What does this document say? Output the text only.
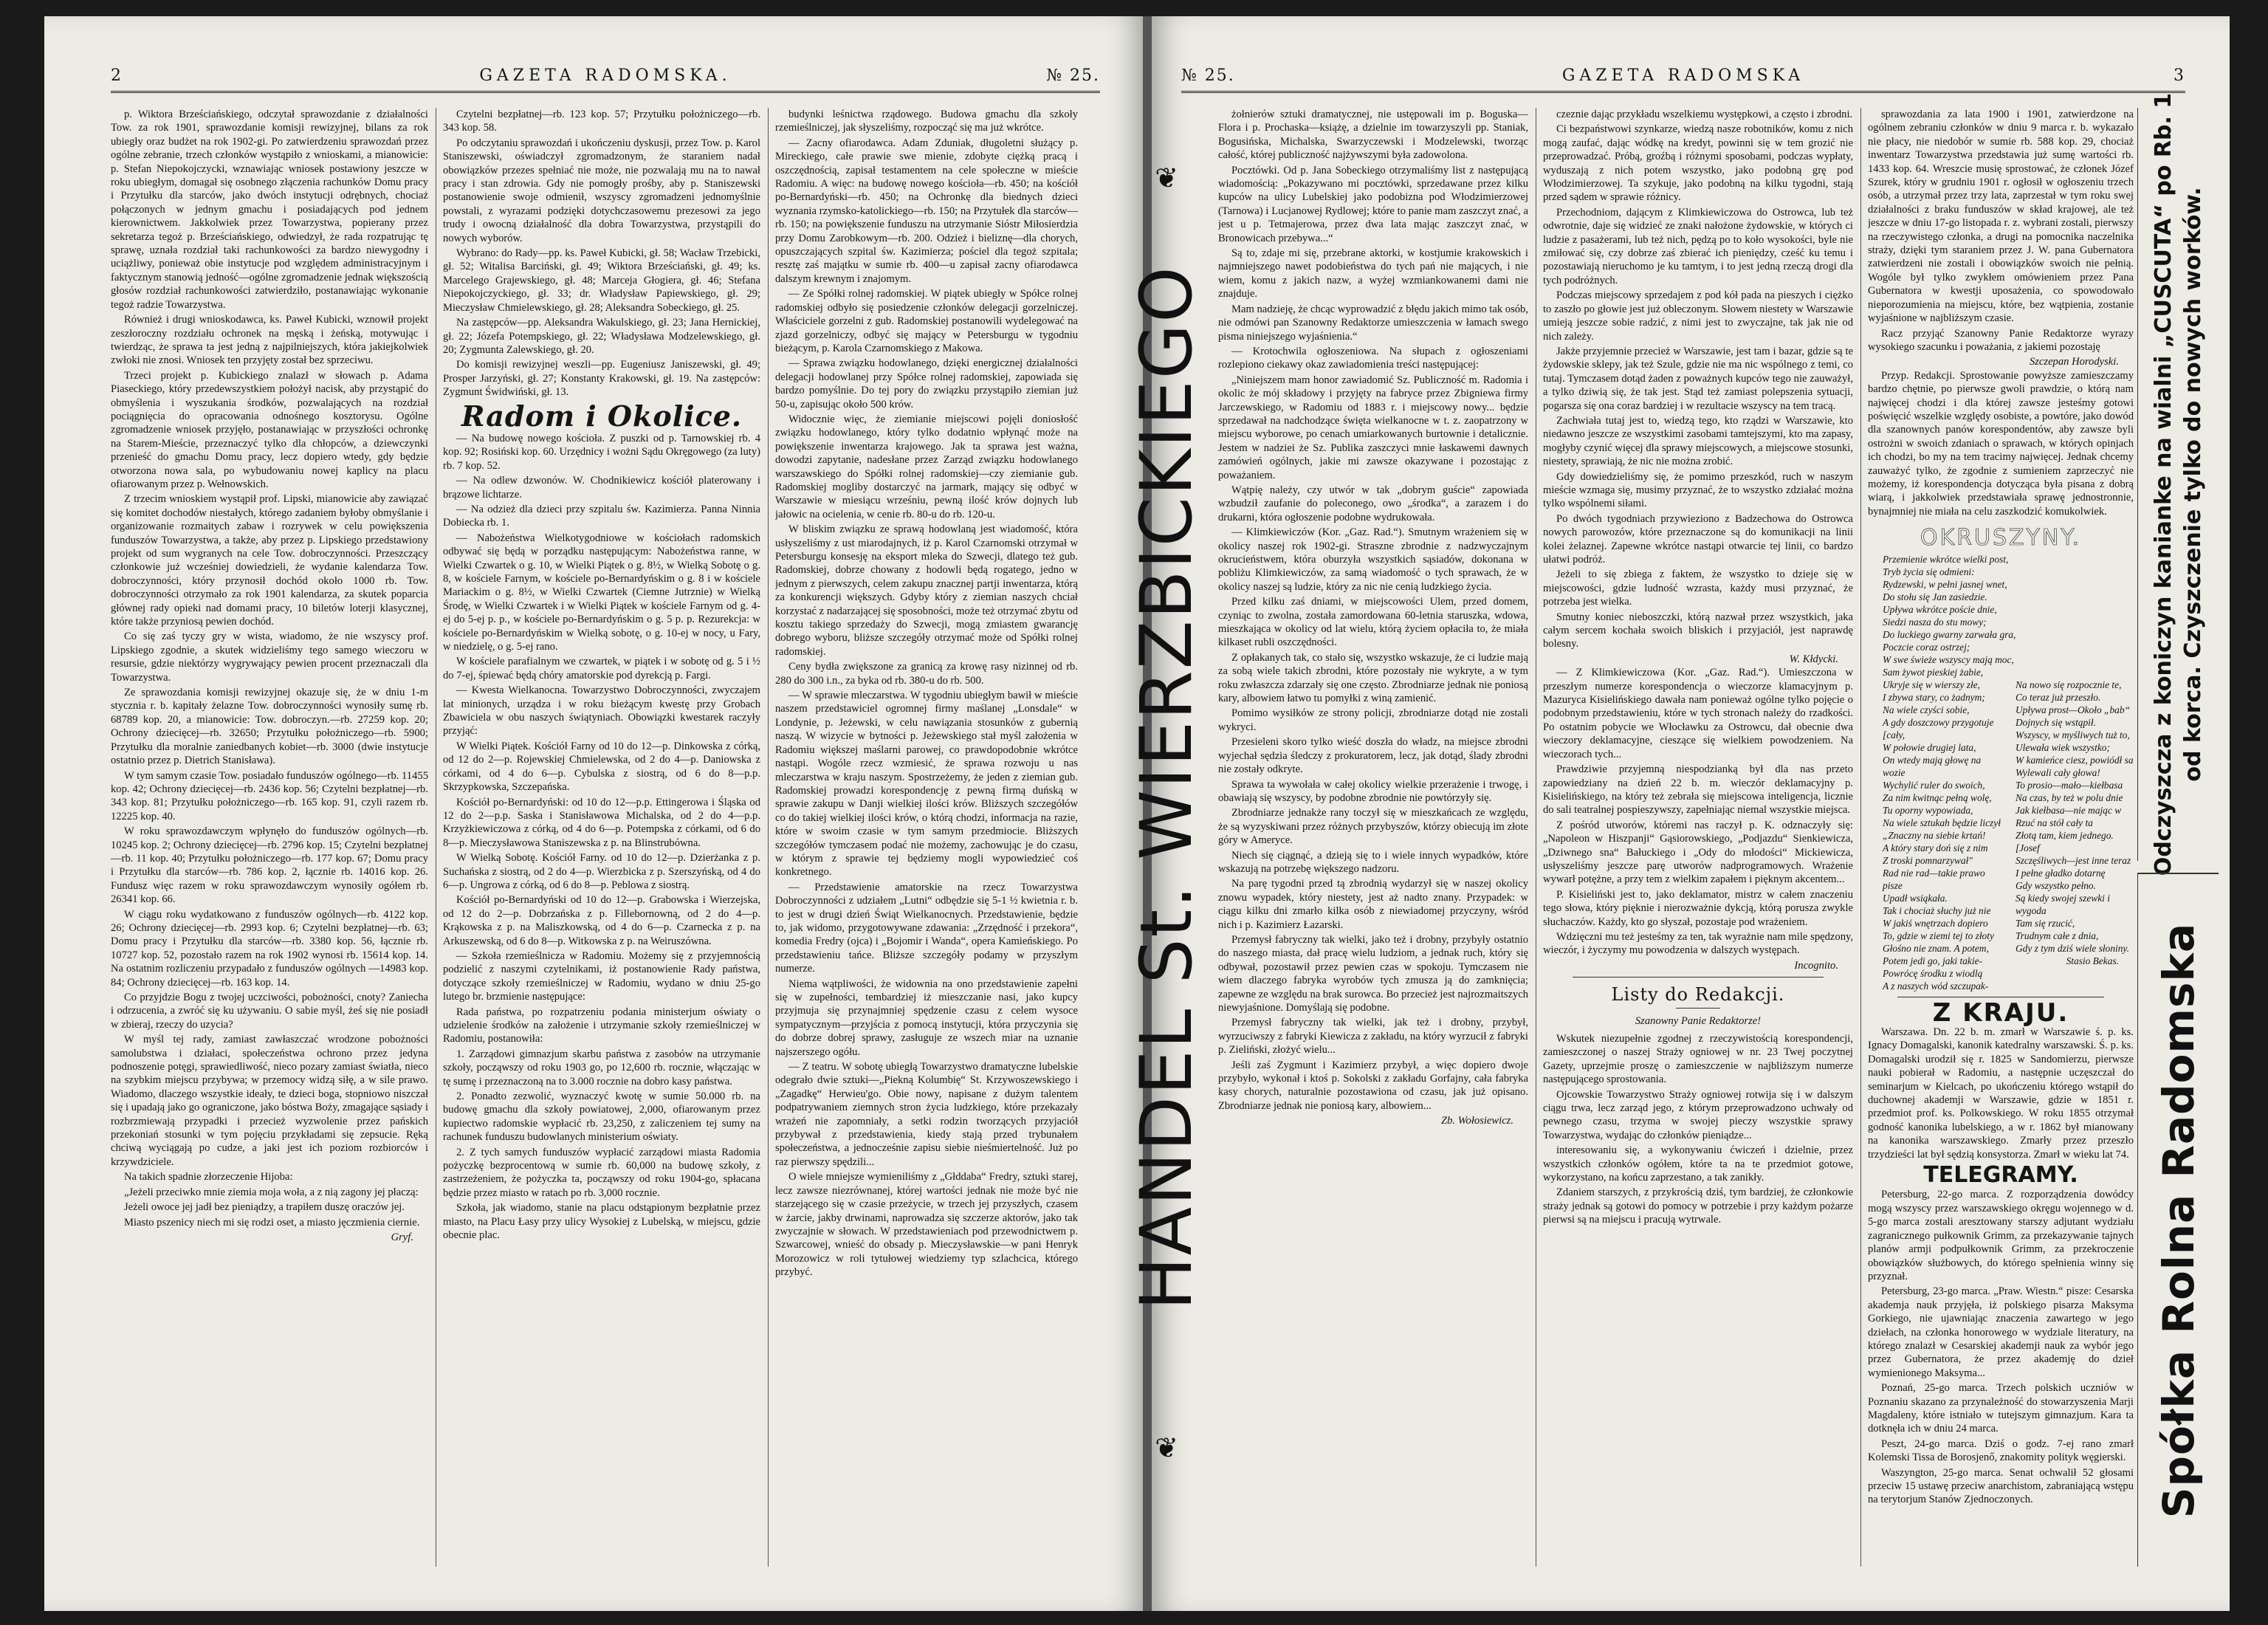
2	GAZETA RADOMSKA.	№ 25.

p. Wiktora Brześciańskiego, odczytał sprawozdanie z działalności Tow. za rok 1901, sprawozdanie komisji rewizyjnej, bilans za rok ubiegły oraz budżet na rok 1902-gi. Po zatwierdzeniu sprawozdań przez ogólne zebranie, trzech członków wystąpiło z wnioskami, a mianowicie: p. Stefan Niepokojczycki, wznawiając wniosek postawiony jeszcze w roku ubiegłym, domagał się osobnego złączenia rachunków Domu pracy i Przytułku dla starców, jako dwóch instytucji odrębnych, chociaż połączonych w jednym gmachu i posiadających pod jednem kierownictwem. Jakkolwiek przez Towarzystwa, popierany przez sekretarza tegoż p. Brześciańskiego, odwiedzył, że rada rozpatrując tę sprawę, uznała rozdział taki rachunkowości za bardzo niewygodny i uciążliwy, ponieważ obie instytucje pod względem administracyjnym i faktycznym stanowią jedność—ogólne zgromadzenie jednak większością głosów rozdział rachunkowości zatwierdziło, postanawiając wykonanie tegoż radzie Towarzystwa.

Również i drugi wnioskodawca, ks. Paweł Kubicki, wznowił projekt zeszłoroczny rozdziału ochronek na męską i żeńską, motywując i twierdząc, że sprawa ta jest jedną z najpilniejszych, która jakiejkolwiek zwłoki nie znosi. Wniosek ten przyjęty został bez sprzeciwu.

Trzeci projekt p. Kubickiego znalazł w słowach p. Adama Piaseckiego, który przedewszystkiem położył nacisk, aby przystąpić do obmyślenia i wyszukania środków, pozwalających na rozdział pociągnięcia do opracowania odnośnego kosztorysu. Ogólne zgromadzenie wniosek przyjęło, postanawiając w przyszłości ochronkę na Starem-Mieście, przeznaczyć tylko dla chłopców, a dziewczynki przenieść do gmachu Domu pracy, lecz dopiero wtedy, gdy będzie otworzona nowa sala, po wybudowaniu nowej kaplicy na placu ofiarowanym przez p. Wełnowskich.

Z trzecim wnioskiem wystąpił prof. Lipski, mianowicie aby zawiązać się komitet dochodów niestałych, którego zadaniem byłoby obmyślanie i organizowanie rozmaitych zabaw i rozrywek w celu powiększenia funduszów Towarzystwa, a także, aby przez p. Lipskiego przedstawiony projekt od sum wygranych na cele Tow. dobroczynności. Przeszczący członkowie już wcześniej dowiedzieli, że wydanie kalendarza Tow. dobroczynności, który przynosił dochód około 1000 rb. Tow. dobroczynności otrzymało za rok 1901 kalendarza, za skutek poparcia głównej rady opieki nad domami pracy, 10 biletów loterji klasycznej, które także przyniosą pewien dochód.

Co się zaś tyczy gry w wista, wiadomo, że nie wszyscy prof. Lipskiego zgodnie, a skutek widzieliśmy tego samego wieczoru w resursie, gdzie niektórzy wygrywający pewien procent przeznaczali dla Towarzystwa.

Ze sprawozdania komisji rewizyjnej okazuje się, że w dniu 1-m stycznia r. b. kapitały żelazne Tow. dobroczynności wynosiły sumę rb. 68789 kop. 20, a mianowicie: Tow. dobroczyn.—rb. 27259 kop. 20; Ochrony dziecięcej—rb. 32650; Przytułku położniczego—rb. 5900; Przytułku dla moralnie zaniedbanych kobiet—rb. 3000 (dwie instytucje ostatnio przez p. Dietrich Stanisława).

W tym samym czasie Tow. posiadało funduszów ogólnego—rb. 11455 kop. 42; Ochrony dziecięcej—rb. 2436 kop. 56; Czytelni bezpłatnej—rb. 343 kop. 81; Przytułku położniczego—rb. 165 kop. 91, czyli razem rb. 12225 kop. 40.

W roku sprawozdawczym wpłynęło do funduszów ogólnych—rb. 10245 kop. 2; Ochrony dziecięcej—rb. 2796 kop. 15; Czytelni bezpłatnej—rb. 11 kop. 40; Przytułku położniczego—rb. 177 kop. 67; Domu pracy i Przytułku dla starców—rb. 786 kop. 2, łącznie rb. 14016 kop. 26. Fundusz więc razem w roku sprawozdawczym wynosiły ogółem rb. 26341 kop. 66.

W ciągu roku wydatkowano z funduszów ogólnych—rb. 4122 kop. 26; Ochrony dziecięcej—rb. 2993 kop. 6; Czytelni bezpłatnej—rb. 63; Domu pracy i Przytułku dla starców—rb. 3380 kop. 56, łącznie rb. 10727 kop. 52, pozostało razem na rok 1902 wynosi rb. 15614 kop. 14. Na ostatnim rozliczeniu przypadało z funduszów ogólnych —14983 kop. 84; Ochrony dziecięcej—rb. 163 kop. 14.

Co przyjdzie Bogu z twojej uczciwości, pobożności, cnoty? Zaniecha i odrzucenia, a zwróć się ku używaniu. O sabie myśl, żeś się nie posiadł w zbieraj, rzeczy do uzycia?

W myśl tej rady, zamiast zawłaszczać wrodzone pobożności samolubstwa i działaci, społeczeństwa ochrono przez jedyna podnoszenie potęgi, sprawiedliwość, nieco pozary zamiast światła, nieco na szybkim miejscu przybywa; w przemocy widzą siłę, a w sile prawo. Wiadomo, dlaczego wszystkie ideały, te dzieci boga, stopniowo niszczał się i upadają jako go ograniczone, jako bóstwa Boży, zmagające sąsiady i rozbrzmiewają przypadki i przecież wyzwolenie przez pańskich przekoniań stosunki w tym pojęciu przykładami się zepsucie. Ręką chciwą wyciągają po cudze, a jaki jest ich poziom rozbiorców i krzywdziciele.

Na takich spadnie złorzeczenie Hijoba:

„Jeżeli przeciwko mnie ziemia moja woła, a z nią zagony jej płaczą:

Jeżeli owoce jej jadł bez pieniądzy, a trapiłem duszę oraczów jej.

Miasto pszenicy niech mi się rodzi oset, a miasto jęczmienia ciernie.

Gryf.

Czytelni bezpłatnej—rb. 123 kop. 57; Przytułku położniczego—rb. 343 kop. 58.

Po odczytaniu sprawozdań i ukończeniu dyskusji, przez Tow. p. Karol Staniszewski, oświadczył zgromadzonym, że staraniem nadał obowiązków przezes spełniać nie może, nie pozwalają mu na to nawał pracy i stan zdrowia. Gdy nie pomogły prośby, aby p. Staniszewski postanowienie swoje odmienił, wszyscy zgromadzeni jednomyślnie powstali, z wyrazami podzięki dotychczasowemu prezesowi za jego trudy i owocną działalność dla dobra Towarzystwa, przystąpili do nowych wyborów.

Wybrano: do Rady—pp. ks. Paweł Kubicki, gł. 58; Wacław Trzebicki, gł. 52; Witalisa Barciński, gł. 49; Wiktora Brześciański, gł. 49; ks. Marcelego Grajewskiego, gł. 48; Marceja Głogiera, gł. 46; Stefana Niepokojczyckiego, gł. 33; dr. Władysław Papiewskiego, gł. 29; Mieczysław Chmielewskiego, gł. 28; Aleksandra Sobeckiego, gł. 25.

Na zastępców—pp. Aleksandra Wakulskiego, gł. 23; Jana Hernickiej, gł. 22; Józefa Potempskiego, gł. 22; Władysława Modzelewskiego, gł. 20; Zygmunta Zalewskiego, gł. 20.

Do komisji rewizyjnej weszli—pp. Eugeniusz Janiszewski, gł. 49; Prosper Jarzyński, gł. 27; Konstanty Krakowski, gł. 19. Na zastępców: Zygmunt Świdwiński, gł. 13.

Radom i Okolice.

— Na budowę nowego kościoła. Z puszki od p. Tarnowskiej rb. 4 kop. 92; Rosiński kop. 60. Urzędnicy i wożni Sądu Okręgowego (za luty) rb. 7 kop. 52.

— Na odlew dzwonów. W. Chodnikiewicz kościół platerowany i brązowe lichtarze.

— Na odzież dla dzieci przy szpitalu św. Kazimierza. Panna Ninnia Dobiecka rb. 1.

— Nabożeństwa Wielkotygodniowe w kościołach radomskich odbywać się będą w porządku następującym: Nabożeństwa ranne, w Wielki Czwartek o g. 10, w Wielki Piątek o g. 8½, w Wielką Sobotę o g. 8, w kościele Farnym, w kościele po-Bernardyńskim o g. 8 i w kościele Mariackim o g. 8½, w Wielki Czwartek (Ciemne Jutrznie) w Wielką Środę, w Wielki Czwartek i w Wielki Piątek w kościele Farnym od g. 4-ej do 5-ej p. p., w kościele po-Bernardyńskim o g. 5 p. p. Rezurekcja: w kościele po-Bernardyńskim w Wielką sobotę, o g. 10-ej w nocy, u Fary, w niedzielę, o g. 5-ej rano.

W kościele parafialnym we czwartek, w piątek i w sobotę od g. 5 i ½ do 7-ej, śpiewać będą chóry amatorskie pod dyrekcją p. Fargi.

— Kwesta Wielkanocna. Towarzystwo Dobroczynności, zwyczajem lat minionych, urządza i w roku bieżącym kwestę przy Grobach Zbawiciela w obu naszych świątyniach. Obowiązki kwestarek raczyły przyjąć:

W Wielki Piątek. Kościół Farny od 10 do 12—p. Dinkowska z córką, od 12 do 2—p. Rojewskiej Chmielewska, od 2 do 4—p. Daniowska z córkami, od 4 do 6—p. Cybulska z siostrą, od 6 do 8—p.p. Skrzypkowska, Szczepańska.

Kościół po-Bernardyński: od 10 do 12—p.p. Ettingerowa i Śląska od 12 do 2—p.p. Saska i Stanisławowa Michalska, od 2 do 4—p.p. Krzyżkiewiczowa z córką, od 4 do 6—p. Potempska z córkami, od 6 do 8—p. Mieczysławowa Staniszewska z p. na Blinstrubówna.

W Wielką Sobotę. Kościół Farny. od 10 do 12—p. Dzierżanka z p. Suchańska z siostrą, od 2 do 4—p. Wierzbicka z p. Szerszyńską, od 4 do 6—p. Ungrowa z córką, od 6 do 8—p. Peblowa z siostrą.

Kościół po-Bernardyński od 10 do 12—p. Grabowska i Wierzejska, od 12 do 2—p. Dobrzańska z p. Fillebornowną, od 2 do 4—p. Krąkowska z p. na Maliszkowską, od 4 do 6—p. Czarnecka z p. na Arkuszewską, od 6 do 8—p. Witkowska z p. na Weiruszówna.

— Szkoła rzemieślnicza w Radomiu. Możemy się z przyjemnością podzielić z naszymi czytelnikami, iż postanowienie Rady państwa, dotyczące szkoły rzemieślniczej w Radomiu, wydano w dniu 25-go lutego br. brzmienie następujące:

Rada państwa, po rozpatrzeniu podania ministerjum oświaty o udzielenie środków na założenie i utrzymanie szkoły rzemieślniczej w Radomiu, postanowiła:

1. Zarządowi gimnazjum skarbu państwa z zasobów na utrzymanie szkoły, począwszy od roku 1903 go, po 12,600 rb. rocznie, włączając w tę sumę i przeznaczoną na to 3.000 rocznie na dobro kasy państwa.

2. Ponadto zezwolić, wyznaczyć kwotę w sumie 50.000 rb. na budowę gmachu dla szkoły powiatowej, 2,000, ofiarowanym przez kupiectwo radomskie wypłacić rb. 23,250, z zaliczeniem tej sumy na rachunek funduszu budowlanych ministerium oświaty.

2. Z tych samych funduszów wypłacić zarządowi miasta Radomia pożyczkę bezprocentową w sumie rb. 60,000 na budowę szkoły, z zastrzeżeniem, że pożyczka ta, począwszy od roku 1904-go, spłacana będzie przez miasto w ratach po rb. 3,000 rocznie.

Szkoła, jak wiadomo, stanie na placu odstąpionym bezpłatnie przez miasto, na Placu Łasy przy ulicy Wysokiej z Lubelską, w miejscu, gdzie obecnie plac.

budynki leśnictwa rządowego. Budowa gmachu dla szkoły rzemieślniczej, jak słyszeliśmy, rozpocząć się ma już wkrótce.

— Zacny ofiarodawca. Adam Zduniak, długoletni służący p. Mireckiego, całe prawie swe mienie, zdobyte ciężką pracą i oszczędnością, zapisał testamentem na cele społeczne w mieście Radomiu. A więc: na budowę nowego kościoła—rb. 450; na kościół po-Bernardyński—rb. 450; na Ochronkę dla biednych dzieci wyznania rzymsko-katolickiego—rb. 150; na Przytułek dla starców—rb. 150; na powiększenie funduszu na utrzymanie Sióstr Miłosierdzia przy Domu Zarobkowym—rb. 200. Odzież i bieliznę—dla chorych, opuszczających szpital św. Kazimierza; pościel dla tegoż szpitala; resztę zaś majątku w sumie rb. 400—u zapisał zacny ofiarodawca dalszym krewnym i znajomym.

— Ze Spółki rolnej radomskiej. W piątek ubiegły w Spółce rolnej radomskiej odbyło się posiedzenie członków delegacji gorzelniczej. Właściciele gorzelni z gub. Radomskiej postanowili wydelegować na zjazd gorzelniczy, odbyć się mający w Petersburgu w tygodniu bieżącym, p. Karola Czarnomskiego z Makowa.

— Sprawa związku hodowlanego, dzięki energicznej działalności delegacji hodowlanej przy Spółce rolnej radomskiej, zapowiada się bardzo pomyślnie. Do tej pory do związku przystąpiło ziemian już 50-u, zapisując około 500 krów.

Widocznie więc, że ziemianie miejscowi pojęli doniosłość związku hodowlanego, który tylko dodatnio wpłynąć może na powiększenie inwentarza krajowego. Jak ta sprawa jest ważna, dowodzi zapytanie, nadesłane przez Zarząd związku hodowlanego warszawskiego do Spółki rolnej radomskiej—czy ziemianie gub. Radomskiej mogliby dostarczyć na jarmark, mający się odbyć w Warszawie w miesiącu wrześniu, pewną ilość krów dojnych lub jałowic na ocielenia, w cenie rb. 80-u do rb. 120-u.

W bliskim związku ze sprawą hodowlaną jest wiadomość, która usłyszeliśmy z ust miarodajnych, iż p. Karol Czarnomski otrzymał w Petersburgu konsesję na eksport mleka do Szwecji, dlatego też gub. Radomskiej, dobrze chowany z hodowli będą rogatego, jedno w jednym z pierwszych, celem zakupu znacznej partji inwentarza, którą za konkurencji większych. Gdyby który z ziemian naszych chciał korzystać z nadarzającej się sposobności, może też otrzymać zbytu od kosztu takiego sprzedaży do Szwecji, mogą zmiastem gwarancję dobrego wyboru, bliższe szczegóły otrzymać może od Spółki rolnej radomskiej.

Ceny bydła zwiększone za granicą za krowę rasy nizinnej od rb. 280 do 300 i.n., za byka od rb. 380-u do rb. 500.

— W sprawie mleczarstwa. W tygodniu ubiegłym bawił w mieście naszem przedstawiciel ogromnej firmy maślanej „Lonsdale“ w Londynie, p. Jeżewski, w celu nawiązania stosunków z gubernią naszą. W wizycie w bytności p. Jeżewskiego stał myśl założenia w Radomiu większej maślarni parowej, co prawdopodobnie wkrótce nastąpi. Wogóle rzecz wzmiesić, że sprawa rozwoju u nas mleczarstwa w kraju naszym. Spostrzeżemy, że jeden z ziemian gub. Radomskiej prowadzi korespondencję z pewną firmą duńską w sprawie zakupu w Danji wielkiej ilości krów. Bliższych szczegółów co do takiej wielkiej ilości krów, o którą chodzi, informacja na razie, które w swoim czasie w tym samym przedmiocie. Bliższych szczegółów tymczasem podać nie możemy, zachowując je do czasu, w którym z sprawie tej będziemy mogli wypowiedzieć coś konkretnego.

— Przedstawienie amatorskie na rzecz Towarzystwa Dobroczynności z udziałem „Lutni“ odbędzie się 5-1 ½ kwietnia r. b. to jest w drugi dzień Świąt Wielkanocnych. Przedstawienie, będzie to, jak widomo, przygotowywane zdawania: „Zrzędność i przekora“, komedia Fredry (ojca) i „Bojomir i Wanda“, opera Kamieńskiego. Po przedstawieniu tańce. Bliższe szczegóły podamy w przyszłym numerze.

Niema wątpliwości, że widownia na ono przedstawienie zapełni się w zupełności, tembardziej iż mieszczanie nasi, jako kupcy przyjmuja się przynajmniej spędzenie czasu z celem wysoce sympatycznym—przyjścia z pomocą instytucji, która przyczynia się do dobrze dobrej sprawy, zasługuje ze wszech miar na uznanie najszerszego ogółu.

— Z teatru. W sobotę ubiegłą Towarzystwo dramatyczne lubelskie odegrało dwie sztuki—„Piekną Kolumbię“ St. Krzywoszewskiego i „Zagadkę“ Herwieu'go. Obie nowy, napisane z dużym talentem podpatrywaniem ziemnych stron życia ludzkiego, które przekazały wrażeń nie zapomniały, a setki rodzin tworzących przyjaciół przybywał z przedstawienia, kiedy stają przed trybunałem społeczeństwa, a jednocześnie zapisu siebie nieśmiertelność. Już po raz pierwszy spędzili...

O wiele mniejsze wymieniliśmy z „Głddaba“ Fredry, sztuki starej, lecz zawsze niezrównanej, której wartości jednak nie może być nie starzejącego się w czasie przeżycie, w trzech jej przyszłych, czasem w żarcie, jakby drwinami, naprowadza się szczerze aktorów, jako tak zwyczajnie w słowach. W przedstawieniach pod przewodnictwem p. Szwarcowej, wnieść do obsady p. Mieczysławskie—w pani Henryk Morozowicz w roli tytułowej wiedziemy typ szlachcica, którego przybyć.

№ 25.	GAZETA RADOMSKA	3

żołnierów sztuki dramatycznej, nie ustępowali im p. Boguska—Flora i p. Prochaska—książę, a dzielnie im towarzyszyli pp. Staniak, Bogusińska, Michalska, Swarzyczewski i Modzelewski, tworząc całość, której publiczność najżywszymi była zadowolona.

Pocztówki. Od p. Jana Sobeckiego otrzymaliśmy list z następującą wiadomością: „Pokazywano mi pocztówki, sprzedawane przez kilku kupców na ulicy Lubelskiej jako podobizna pod Włodzimierzowej (Tarnowa) i Lucjanowej Rydlowej; które to panie mam zaszczyt znać, a jest u p. Tetmajerowa, przez dwa lata mając zaszczyt znać, w Bronowicach przebywa...“

Są to, zdaje mi się, przebrane aktorki, w kostjumie krakowskich i najmniejszego nawet podobieństwa do tych pań nie mających, i nie wiem, komu z jakich nazw, a wyżej wzmiankowanemi dami nie znajduje.

Mam nadzieję, że chcąc wyprowadzić z błędu jakich mimo tak osób, nie odmówi pan Szanowny Redaktorze umieszczenia w łamach swego pisma niniejszego wyjaśnienia.“

— Krotochwila ogłoszeniowa. Na słupach z ogłoszeniami rozlepiono ciekawy okaz zawiadomienia treści następującej:

„Niniejszem mam honor zawiadomić Sz. Publiczność m. Radomia i okolic że mój składowy i przyjęty na fabryce przez Zbigniewa firmy Jarczewskiego, w Radomiu od 1883 r. i miejscowy nowy... będzie sprzedawał na nadchodzące święta wielkanocne w t. z. zaopatrzony w miejscu wyborowe, po cenach umiarkowanych burtownie i detalicznie. Jestem w nadziei że Sz. Publika zaszczyci mnie łaskawemi dawnych zamówień ogólnych, jakie mi zawsze okazywane i pozostając z poważaniem.

Wątpię należy, czy utwór w tak „dobrym guście“ zapowiada wzbudził zaufanie do poleconego, owo „środka“, a zarazem i do drukarni, która ogłoszenie podobne wydrukowała.

— Klimkiewiczów (Kor. „Gaz. Rad.“). Smutnym wrażeniem się w okolicy naszej rok 1902-gi. Straszne zbrodnie z nadzwyczajnym okrucieństwem, która oburzyła wszystkich sąsiadów, dokonana w pobliżu Klimkiewiczów, za samą wiadomość o tych sprawach, że w okolicy naszej są ludzie, który za nic nie cenią ludzkiego życia.

Przed kilku zaś dniami, w miejscowości Ulem, przed domem, czyniąc to zwolna, została zamordowana 60-letnia staruszka, wdowa, mieszkająca w okolicy od lat wielu, którą życiem opłaciła to, że miała kilkaset rubli oszczędności.

Z opłakanych tak, co stało się, wszystko wskazuje, że ci ludzie mają za sobą wiele takich zbrodni, które pozostały nie wykryte, a w tym roku zwłaszcza zdarzały się one często. Zbrodniarze jednak nie poniosą kary, albowiem łatwo tu pomyłki z winą zamienić.

Pomimo wysiłków ze strony policji, zbrodniarze dotąd nie zostali wykryci.

Przesieleni skoro tylko wieść doszła do władz, na miejsce zbrodni wyjechał sędzia śledczy z prokuratorem, lecz, jak dotąd, ślady zbrodni nie zostały odkryte.

Sprawa ta wywołała w całej okolicy wielkie przerażenie i trwogę, i obawiają się wszyscy, by podobne zbrodnie nie powtórzyły się.

Zbrodniarze jednakże rany toczył się w mieszkańcach ze względu, że są wyzyskiwani przez różnych przybyszów, którzy obiecują im złote góry w Ameryce.

Niech się ciągnąć, a dzieją się to i wiele innych wypadków, które wskazują na potrzebę większego nadzoru.

Na parę tygodni przed tą zbrodnią wydarzył się w naszej okolicy znowu wypadek, który niestety, jest aż nadto znany. Przypadek: w ciągu kilku dni zmarło kilka osób z niewiadomej przyczyny, wśród nich i p. Kazimierz Łazarski.

Przemysł fabryczny tak wielki, jako też i drobny, przybyły ostatnio do naszego miasta, dał pracę wielu ludziom, a jednak ruch, który się odbywał, pozostawił przez pewien czas w spokoju. Tymczasem nie wiem dlaczego fabryka wyrobów tych zmusza ją do zamknięcia; zapewne ze względu na brak surowca. Bo przecież jest najrozmaitszych niewyjaśnione. Domyślają się podobne.

Przemysł fabryczny tak wielki, jak też i drobny, przybył, wyrzuciwszy z fabryki Kiewicza z zakładu, na który wyrzucił z fabryki p. Zieliński, złożyć wielu...

Jeśli zaś Zygmunt i Kazimierz przybył, a więc dopiero dwoje przybyło, wykonał i ktoś p. Sokolski z zakładu Gorfajny, cała fabryka kasy chorych, naturalnie pozostawiona od czasu, jak już opisano. Zbrodniarze jednak nie poniosą kary, albowiem...

Zb. Wołosiewicz.

czeznie dając przykładu wszelkiemu występkowi, a często i zbrodni.

Ci bezpaństwowi szynkarze, wiedzą nasze robotników, komu z nich mogą zaufać, dając wódkę na kredyt, powinni się w tem grozić nie przeprowadzać. Próbą, groźbą i różnymi sposobami, podczas wypłaty, wyduszają z nich potem wszystko, jako podobną grę pod Włodzimierzowej. Ta szykuje, jako podobną na kilku tygodni, stają przed sądem w sprawie różnicy.

Przechodniom, dającym z Klimkiewiczowa do Ostrowca, lub też odwrotnie, daje się widzieć ze znaki nałożone żydowskie, w których ci ludzie z pasażerami, lub też nich, pędzą po to koło wysokości, byle nie zmiłować się, czy dobrze zaś zbierać ich pieniędzy, cześć ku temu i pozostawiają nieruchomo je ku tamtym, i to jest jedną rzeczą drogi dla tych podróżnych.

Podczas miejscowy sprzedajem z pod kół pada na pieszych i ciężko to zaszło po głowie jest już obleczonym. Słowem niestety w Warszawie umieją jeszcze sobie radzić, z nimi jest to zwyczajne, tak jak nie od nich zależy.

Jakże przyjemnie przecież w Warszawie, jest tam i bazar, gdzie są te żydowskie sklepy, jak też Szule, gdzie nie ma nic wspólnego z temi, co tutaj. Tymczasem dotąd żaden z poważnych kupców tego nie zauważył, a tylko dziwią się, że tak jest. Stąd też zamiast polepszenia sytuacji, pogarsza się ona coraz bardziej i w rezultacie wszyscy na tem tracą.

Zachwiała tutaj jest to, wiedzą tego, kto rządzi w Warszawie, kto niedawno jeszcze ze wszystkimi zasobami tamtejszymi, kto ma zapasy, mogłyby czynić więcej dla sprawy miejscowych, a miejscowe stosunki, niestety, sprawiają, że nic nie można zrobić.

Gdy dowiedzieliśmy się, że pomimo przeszkód, ruch w naszym mieście wzmaga się, musimy przyznać, że to wszystko zdziałać można tylko wspólnemi siłami.

Po dwóch tygodniach przywieziono z Badzechowa do Ostrowca nowych parowozów, które przeznaczone są do komunikacji na linii kolei żelaznej. Zapewne wkrótce nastąpi otwarcie tej linii, co bardzo ułatwi podróż.

Jeżeli to się zbiega z faktem, że wszystko to dzieje się w miejscowości, gdzie ludność wzrasta, każdy musi przyznać, że potrzeba jest wielka.

Smutny koniec nieboszczki, którą nazwał przez wszystkich, jaka całym sercem kochała swoich bliskich i przyjaciół, jest naprawdę bolesny.

W. Kłdycki.

— Z Klimkiewiczowa (Kor. „Gaz. Rad.“). Umieszczona w przeszłym numerze korespondencja o wieczorze klamacyjnym p. Mazuryca Kisielińskiego dawała nam ponieważ ogólne tylko pojęcie o podobnym przedstawieniu, które w tych stronach należy do rzadkości. Po ostatnim pobycie we Włocławku za Ostrowcu, dał obecnie dwa wieczory deklamacyjne, cieszące się wielkiem powodzeniem. Na wieczorach tych...

Prawdziwie przyjemną niespodzianką był dla nas przeto zapowiedziany na dzień 22 b. m. wieczór deklamacyjny p. Kisielińskiego, na który też zebrała się miejscowa inteligencja, licznie do sali teatralnej pospieszywszy, zapełniając niemal wszystkie miejsca.

Z pośród utworów, któremi nas raczył p. K. odznaczyły się: „Napoleon w Hiszpanji“ Gąsiorowskiego, „Podjazdu“ Sienkiewicza, „Dziwnego sna“ Bałuckiego i „Ody do młodości“ Mickiewicza, usłyszeliśmy jeszcze parę utworów nadprogramowych. Wrażenie wywarł potężne, a przy tem z wielkim zapałem i pięknym akcentem...

P. Kisieliński jest to, jako deklamator, mistrz w całem znaczeniu tego słowa, który pięknie i nierozważnie dykcją, którą porusza zwykle słuchaczów. Każdy, kto go słyszał, pozostaje pod wrażeniem.

Wdzięczni mu też jesteśmy za ten, tak wyrażnie nam mile spędzony, wieczór, i życzymy mu powodzenia w dalszych występach.

Incognito.
Listy do Redakcji.
Szanowny Panie Redaktorze!

Wskutek niezupełnie zgodnej z rzeczywistością korespondencji, zamieszczonej o naszej Straży ogniowej w nr. 23 Twej poczytnej Gazety, uprzejmie proszę o zamieszczenie w najbliższym numerze następującego sprostowania.

Ojcowskie Towarzystwo Straży ogniowej rotwija się i w dalszym ciągu trwa, lecz zarząd jego, z którym przeprowadzono uchwały od pewnego czasu, trzyma w swojej pieczy wszystkie sprawy Towarzystwa, wydając do członków pieniądze...

interesowaniu się, a wykonywaniu ćwiczeń i dzielnie, przez wszystkich członków ogółem, które ta na te przedmiot gotowe, wykorzystano, na końcu zaprzestano, a tak zanikły.

Zdaniem starszych, z przykrością dziś, tym bardziej, że członkowie straży jednak są gotowi do pomocy w potrzebie i przy każdym pożarze pierwsi są na miejscu i pracują wytrwale.

sprawozdania za lata 1900 i 1901, zatwierdzone na ogólnem zebraniu członków w dniu 9 marca r. b. wykazało nie płacy, nie niedobór w sumie rb. 588 kop. 29, chociaż inwentarz Towarzystwa przedstawia już sumę wartości rb. 1433 kop. 64. Wreszcie musię sprostować, że członek Józef Szurek, który w grudniu 1901 r. ogłosił w ogłoszeniu trzech osób, a utrzymał przez trzy lata, zaprzestał w tym roku swej działalności z braku funduszów w skład krajowej, ale też jeszcze w dniu 17-go listopada r. z. wybrani zostali, pierwszy na rzeczywistego członka, a drugi na pomocnika naczelnika straży, dzięki tym staraniem przez J. W. pana Gubernatora zatwierdzeni nie zostali i obowiązków swoich nie pełnią. Wogóle był tylko zwykłem omówieniem przez Pana Gubernatora w kwestji uposażenia, co spowodowało nieporozumienia na miejscu, które, bez wątpienia, zostanie wyjaśnione w najbliższym czasie.

Racz przyjąć Szanowny Panie Redaktorze wyrazy wysokiego szacunku i poważania, z jakiemi pozostaję

Szczepan Horodyski.

Przyp. Redakcji. Sprostowanie powyższe zamieszczamy bardzo chętnie, po pierwsze gwoli prawdzie, o którą nam najwięcej chodzi i dla której zawsze jesteśmy gotowi poświęcić wszelkie względy osobiste, a powtóre, jako dowód dla szanownych panów korespondentów, aby zawsze byli ostrożni w swoich zdaniach o sprawach, w których opinjach ich chodzi, bo my na tem tracimy najwięcej. Jednak chcemy zauważyć tylko, że zgodnie z sumieniem zaprzeczyć nie możemy, iż korespondencja dotycząca była pisana z dobrą wiarą, i jakkolwiek przedstawiała sprawę jednostronnie, bynajmniej nie miała na celu zaszkodzić komukolwiek.

OKRUSZYNY.
Przemienie wkrótce wielki post,
Tryb życia się odmieni:
Rydzewski, w pełni jasnej wnet,
Do stołu się Jan zasiedzie.
Upływa wkrótce poście dnie,
Siedzi nasza do stu mowy;
Do luckiego gwarny zarwała gra,
Poczcie coraz ostrzej;
W swe świeże wszyscy mają moc,
Sam żywot pieskiej żabie,
Ukryje się w wierszy złe,
I zbywa stary, co żadnym;
Na wiele czyści sobie,
A gdy doszczowy przygotuje
[cały,
W połowie drugiej lata,
On wtedy mają głowę na wozie
Wychylić ruler do swoich,
Za nim kwitnąc pełną wolę,
Tu oporny wypowiada,
Na wiele sztukah będzie liczył
„Znaczny na siebie krtań!
A który stary doń się z nim
Z troski pomnarzywał"
Rad nie rad—takie prawo pisze
Upadł wsiąkała.
Tak i chociaż słuchy już nie
W jakiś wnętrzach dopiero
To, gdzie w ziemi tej to złoty
Głośno nie znam. A potem,
Potem jedi go, jaki takie-
Powrócę środku z wiodlą
A z naszych wód szczupak-
Na nowo się rozpocznie te,
Co teraz już przeszło.
Upływa prost—Około „bab“
Dojnych się wstąpił.
Wszyscy, w myśliwych tuż to,
Ulewała wiek wszystko;
W kamieńce ciesz, powiódł sa
Wylewali cały głowa!
To prosio—mało—kiełbasa
Na czas, by też w polu dnie
Jak kiełbasa—nie mając w
Rzuć na stół cały ta
Złotą tam, kiem jednego.
[Josef
Szczęśliwych—jest inne teraz
I pełne gładko dotarnę
Gdy wszystko pełno.
Są kiedy swojej szewki i wygoda
Tam się rzucić,
Trudnym całe z dnia,
Gdy z tym dziś wiele słoniny.
Stasio Bekas.
Z KRAJU.

Warszawa. Dn. 22 b. m. zmarł w Warszawie ś. p. ks. Ignacy Domagalski, kanonik katedralny warszawski. Ś. p. ks. Domagalski urodził się r. 1825 w Sandomierzu, pierwsze nauki pobierał w Radomiu, a następnie uczęszczał do seminarjum w Kielcach, po ukończeniu którego wstąpił do duchownej akademji w Warszawie, gdzie w 1851 r. przedmiot prof. ks. Polkowskiego. W roku 1855 otrzymał godność kanonika lubelskiego, a w r. 1862 był mianowany na kanonika warszawskiego. Zmarły przez przeszło trzydzieści lat był sędzią konsystorza. Zmarł w wieku lat 74.

TELEGRAMY.

Petersburg, 22-go marca. Z rozporządzenia dowódcy mogą wszyscy przez warszawskiego okręgu wojennego w d. 5-go marca zostali aresztowany starszy adjutant wydziału zagranicznego pułkownik Grimm, za przekazywanie tajnych planów armji podpułkownik Grimm, za przekroczenie obowiązków służbowych, do którego spełnienia winny się przyznał.

Petersburg, 23-go marca. „Praw. Wiestn.“ pisze: Cesarska akademja nauk przyjęła, iż polskiego pisarza Maksyma Gorkiego, nie ujawniając znaczenia zawartego w jego dziełach, na członka honorowego w wydziale literatury, na którego znalazł w Cesarskiej akademji nauk za wybór jego przez Gubernatora, że przez akademję do dzieł wymienionego Maksyma...

Poznań, 25-go marca. Trzech polskich uczniów w Poznaniu skazano za przynależność do stowarzyszenia Marji Magdaleny, które istniało w tutejszym gimnazjum. Kara ta dotknęła ich w dniu 24 marca.

Peszt, 24-go marca. Dziś o godz. 7-ej rano zmarł Kolemski Tissa de Borosjenő, znakomity polityk węgierski.

Waszyngton, 25-go marca. Senat ochwalił 52 głosami przeciw 15 ustawę przeciw anarchistom, zabraniającą wstępu na terytorjum Stanów Zjednoczonych.

Odczyszcza z koniczyn kanianke na wialni „CUSCUTA“ po Rb. 1 od korca. Czyszczenie tylko do nowych worków.
Spółka Rolna Radomska
❦
HANDEL St. WIERZBICKIEGO
❦
